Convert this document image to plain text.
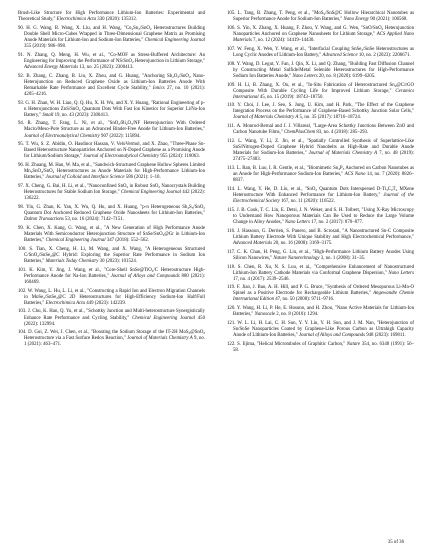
Brush-Like Structure for High Performance Lithium-Ion Batteries: Experimental and Theoretical Study," Electrochimica Acta 330 (2020): 135312.

90. H. G. Wang, B. Wang, X. Liu, and H. Wang, "$Co_2Sn_3/SnO_2$ Heterostructures Building Double Shell Micro-Cubes Wrapped in Three-Dimensional Graphene Matrix as Promising Anode Materials for Lithium-Ion and Sodium-Ion Batteries," Chemical Engineering Journal 355 (2019): 986–998.

91. N. Zhang, Q. Meng, H. Wu, et al., "Co-MOF as Stress-Buffered Architecture: An Engineering for Improving the Performance of NS/SnO$_2$ Heterojunction in Lithium Storage," Advanced Energy Materials 13, no. 25 (2023): 2300413.

92. B. Zhang, C. Zhang, B. Liu, X. Zhou, and G. Huang, "Anchoring $Sb_2O_3/SnO_2$ Nano-Heterojunction on Reduced Graphene Oxide as Lithium-Ion Batteries Anode With Remarkable Rate Performance and Excellent Cycle Stability," Ionics 27, no. 10 (2021): 4205–4216.

93. G. H. Zhan, W. H. Liao, Q. Q. Hu, X. H. Wu, and X. Y. Huang, "Rational Engineering of p-n Heterojunctions ZnS/SnO$_2$ Quantum Dots With Fast Ion Kinetics for Superior Li/Na-Ion Battery," Small 19, no. 43 (2023): 2300413.

94. R. Zhang, T. Fang, L. Ni, et al., "$SnO_2/Bi_2O_3/NF$ Heterojunction With Ordered Macro/Meso-Pore Structure as an Advanced Binder-Free Anode for Lithium-Ion Batteries," Journal of Electroanalytical Chemistry 907 (2022): 115894.

95. T. Wu, S. Z. Abidin, O. Hasdinor Hassan, V. VeloVermol, and X. Zhao, "Three-Phase Sn-Based Heterostructure Nanoparticles Anchored on N-Doped Graphene as a Promising Anode for Lithium/Sodium Storage," Journal of Electroanalytical Chemistry 955 (2024): 118063.

96. H. Zhuang, M. Han, W. Ma, et al., "Sandwich-Structured Graphene Hollow Spheres Limited $Mn_2SnO_4/SnO_2$ Heterostructures as Anode Materials for High-Performance Lithium-Ion Batteries," Journal of Colloid and Interface Science 586 (2021): 1–10.

97. X. Cheng, G. Bai, H. Li, et al., "Nanoconfined SnO$_2$ in Robust SnO$_2$ Nanocrystals Building Heterostructures for Stable Sodium Ion Storage," Chemical Engineering Journal 442 (2022): 136222.

98. Yin, G. Zhan, K. Yan, X. Wu, Q. Hu, and X. Huang, "p-n Heterogeneous $Sb_2S_3/SnO_2$ Quantum Dot Anchored Reduced Graphene Oxide Nanosheets for Lithium-Ion Batteries," Dalton Transactions 53, no. 16 (2024): 7142–7151.

99. K. Chen, X. Kang, G. Wang, et al., "A New Generation of High Performance Anode Materials With Semiconductor Heterojunction Structure of SnSe/SnO$_2$@Gr in Lithium-Ion Batteries," Chemical Engineering Journal 347 (2018): 552–562.

100. S. Tian, X. Cheng, H. Li, M. Wang, and X. Wang, "A Heterogeneous Structured C/SnO$_2$/SnSe$_2$@C Hybrid: Exploring the Superior Rate Performance in Sodium Ion Batteries," Materials Today Chemistry 30 (2023): 101524.

101. K. Kim, Y. Jing, J. Wang, et al., "Core-Shell SnSe@TiO$_2$/C Heterostructure High-Performance Anode for Na-Ion Batteries," Journal of Alloys and Compounds 880 (2021): 160469.

102. W. Wang, L. Hu, L. Li, et al., "Constructing a Rapid Ion and Electron Migration Channels in MoSe$_2$/SnSe$_2$@C 2D Heterostructures for High-Efficiency Sodium-Ion Half/Full Batteries," Electrochimica Acta 449 (2023): 142239.

103. J. Chu, K. Han, Q. Yu, et al., "Schottky Junction and Multi-heterostructure Synergistically Enhance Rate Performance and Cycling Stability," Chemical Engineering Journal 450 (2022): 132994.

104. D. Gui, Z. Wei, J. Chen, et al., "Boosting the Sodium Storage of the IT-2H MoS$_2$@SnO$_2$ Heterostructure via a Fast Surface Redox Reaction," Journal of Materials Chemistry A 9, no. 1 (2021): 463–471.

105. L. Tang, B. Zhang, T. Peng, et al., "MoS$_2$/SnS@C Hollow Hierarchical Nanotubes as Superior Performance Anode for Sodium-Ion Batteries," Nano Energy 90 (2021): 106568.

106. S. Yin, X. Zhang, X. Huang, F. Zhou, Y. Wang, and G. Wen, "SnO/SnO$_2$ Heterojunction Nanoparticles Anchored on Graphene Nanosheets for Lithium Storage," ACS Applied Nano Materials 7, no. 12 (2024): 14419–14430.

107. W. Feng, X. Wen, Y. Wang, et al., "Interfacial Coupling SnSe$_2$/SnSe Heterostructures as Long Cyclic Anodes of Lithium-Ion Battery," Advanced Science 10, no. 2 (2023): 2206671.

108. Y. Wang, D. Legut, Y. Fan, J. Qin, X. Li, and Q. Zhang, "Building Fast Diffusion Channel by Constructing Metal Sulfide/Metal Selenide Heterostructures for High-Performance Sodium Ion Batteries Anode," Nano Letters 20, no. 8 (2020): 6199–6205.

109. H. Li, B. Zhang, X. Ou, et al., "In-Situ Fabrication of Heterostructured $Sn_4@C$/rGO Composite With Durable Cycling Life for Improved Lithium Storage," Ceramics International 45, no. 15 (2019): 18743–18750.

110. Y. Choi, J. Lee, J. Seo, S. Jung, U. Kim, and H. Park, "The Effect of the Graphene Integration Process on the Performance of Graphene-Based Schottky Junction Solar Cells," Journal of Materials Chemistry A 5, no. 35 (2017): 18716–18724.

111. A. Monrod-Bernal and J. J. Villareal, "Large-Area Schottky Junctions Between ZnO and Carbon Nanotube Films," ChemPlusChem 83, no. 4 (2018): 285–293.

112. L. Wang, Y. Li, Z. Jin, et al., "Spatially Controlled Synthesis of Superlattice-Like SnS/Nitrogen-Doped Graphene Hybrid Nanobelts as High-Rate and Durable Anode Materials for Sodium-Ion Batteries," Journal of Materials Chemistry A 7, no. 48 (2019): 27475–27483.

113. L. Ran, B. Luo, I. R. Gentle, et al., "Biomimetic $Sn_4P_3$ Anchored on Carbon Nanotubes as an Anode for High-Performance Sodium-Ion Batteries," ACS Nano 14, no. 7 (2020): 8826–8837.

114. L. Wang, Y. He, D. Liu, et al., "SnO$_2$ Quantum Dots Interspersed $D-Ti_3C_2T_x$ MXene Heterostructure With Enhanced Performance for Lithium-Ion Battery," Journal of the Electrochemical Society 167, no. 11 (2020): 116522.

115. J. B. Cook, T. C. Lin, E. Detsi, J. N. Weker, and S. H. Tolbert, "Using X-Ray Microscopy to Understand How Nanoporous Materials Can Be Used to Reduce the Large Volume Change in Alloy Anodes," Nano Letters 17, no. 2 (2017): 870–877.

116. J. Hassoun, G. Derrien, S. Panero, and B. Scrosati, "A Nanostructured Sn-C Composite Lithium Battery Electrode With Unique Stability and High Electrochemical Performance," Advanced Materials 20, no. 16 (2008): 3169–3175.

117. C. K. Chan, H. Peng, G. Liu, et al., "High-Performance Lithium Battery Anodes Using Silicon Nanowires," Nature Nanotechnology 3, no. 1 (2008): 31–35.

118. S. Chen, R. Xu, N. S. Luu, et al., "Comprehensive Enhancement of Nanostructured Lithium-Ion Battery Cathode Materials via Conformal Graphene Dispersion," Nano Letters 17, no. 4 (2017): 2539–2546.

119. F. Jiao, J. Bao, A. H. Hill, and P. G. Bruce, "Synthesis of Ordered Mesoporous Li-Mn-O Spinel as a Positive Electrode for Rechargeable Lithium Batteries," Angewandte Chemie International Edition 47, no. 50 (2008): 9711–9716.

120. Y. Wang, H. Li, P. He, E. Hosono, and H. Zhou, "Nano Active Materials for Lithium-Ion Batteries," Nanoscale 2, no. 8 (2010): 1294.

121. W. L. Li, H. Lai, C. H. Sun, Y. Y. Lin, Y. H. Sun, and J. M. Nan, "Heterojunction of Sn/SnSe Nanoparticles Coated by Graphene-Like Porous Carbon as Ultrahigh Capacity Anode of Lithium-Ion Batteries," Journal of Alloys and Compounds 948 (2023): 169811.

122. S. Iijima, "Helical Microtubules of Graphitic Carbon," Nature 354, no. 6348 (1991): 56–58.

35 of 36
